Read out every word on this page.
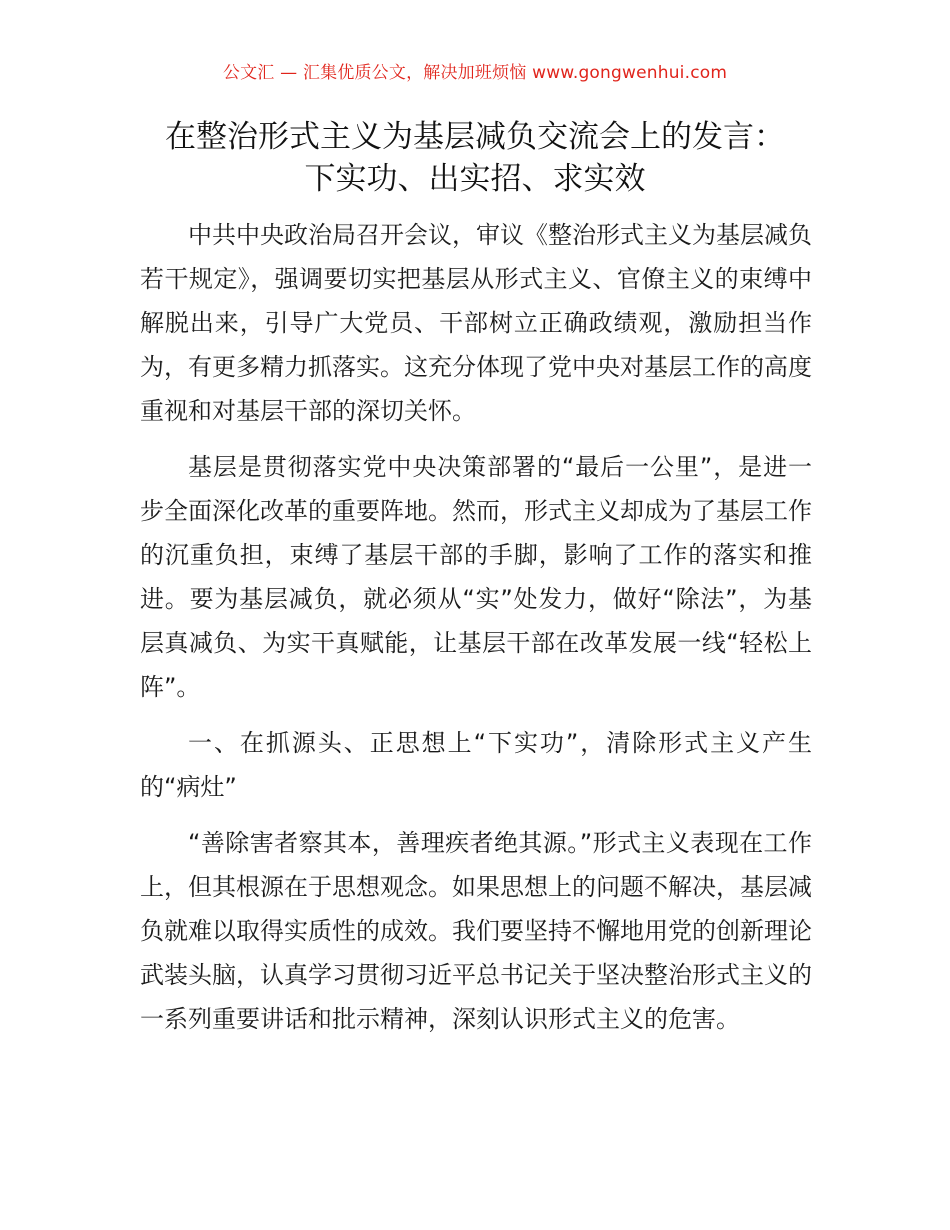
公文汇 — 汇集优质公文，解决加班烦恼 www.gongwenhui.com

在整治形式主义为基层减负交流会上的发言：

下实功、出实招、求实效

中共中央政治局召开会议，审议《整治形式主义为基层减负若干规定》，强调要切实把基层从形式主义、官僚主义的束缚中解脱出来，引导广大党员、干部树立正确政绩观，激励担当作为，有更多精力抓落实。这充分体现了党中央对基层工作的高度重视和对基层干部的深切关怀。

基层是贯彻落实党中央决策部署的“最后一公里”，是进一步全面深化改革的重要阵地。然而，形式主义却成为了基层工作的沉重负担，束缚了基层干部的手脚，影响了工作的落实和推进。要为基层减负，就必须从“实”处发力，做好“除法”，为基层真减负、为实干真赋能，让基层干部在改革发展一线“轻松上阵”。

一、在抓源头、正思想上“下实功”，清除形式主义产生的“病灶”

“善除害者察其本，善理疾者绝其源。”形式主义表现在工作上，但其根源在于思想观念。如果思想上的问题不解决，基层减负就难以取得实质性的成效。我们要坚持不懈地用党的创新理论武装头脑，认真学习贯彻习近平总书记关于坚决整治形式主义的一系列重要讲话和批示精神，深刻认识形式主义的危害。
